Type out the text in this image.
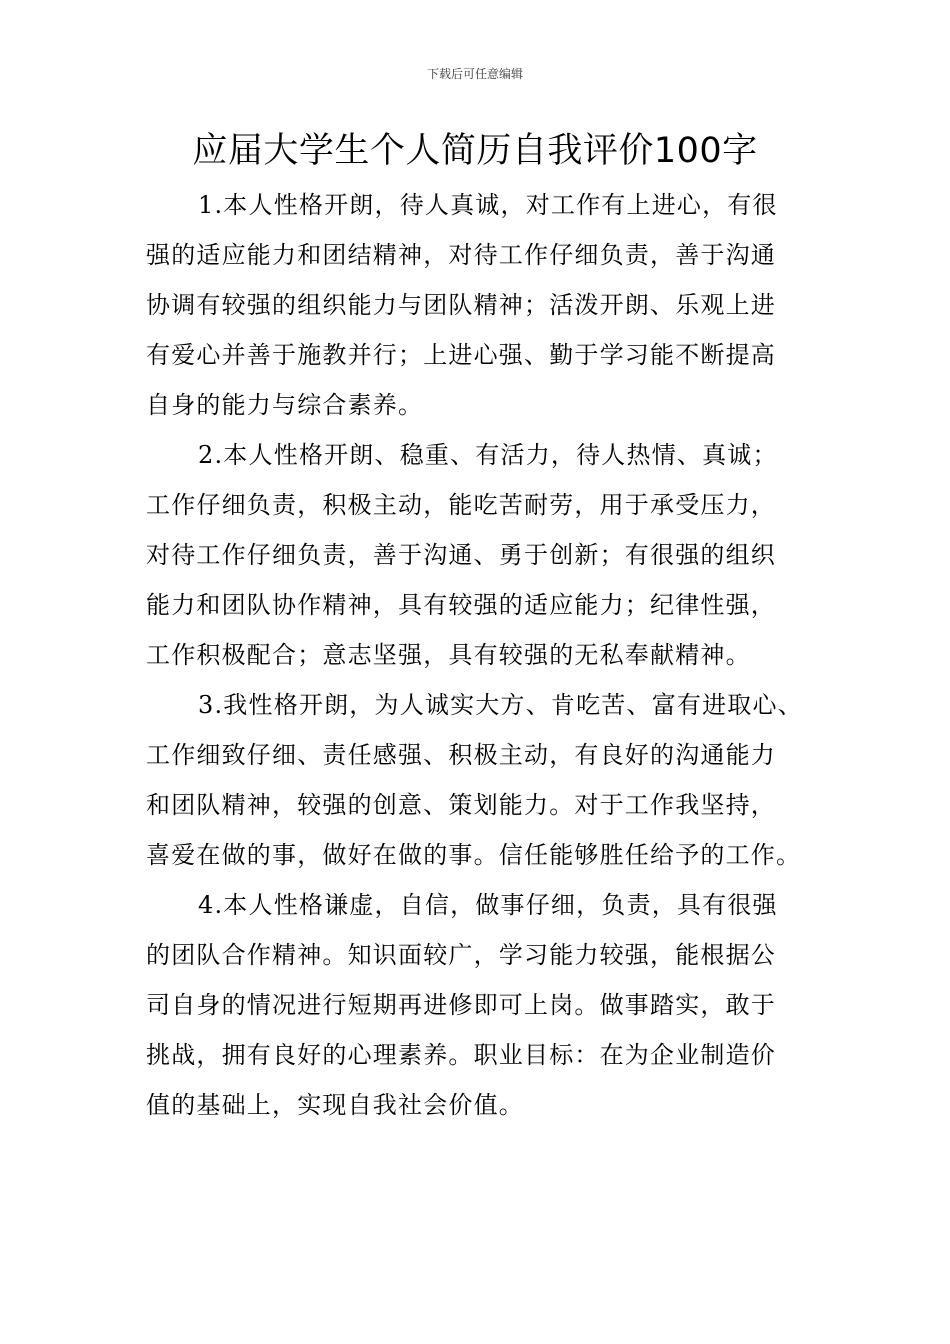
下载后可任意编辑
应届大学生个人简历自我评价100字

1.本人性格开朗，待人真诚，对工作有上进心，有很
强的适应能力和团结精神，对待工作仔细负责，善于沟通
协调有较强的组织能力与团队精神；活泼开朗、乐观上进
有爱心并善于施教并行；上进心强、勤于学习能不断提高
自身的能力与综合素养。

2.本人性格开朗、稳重、有活力，待人热情、真诚；
工作仔细负责，积极主动，能吃苦耐劳，用于承受压力，
对待工作仔细负责，善于沟通、勇于创新；有很强的组织
能力和团队协作精神，具有较强的适应能力；纪律性强，
工作积极配合；意志坚强，具有较强的无私奉献精神。

3.我性格开朗，为人诚实大方、肯吃苦、富有进取心、
工作细致仔细、责任感强、积极主动，有良好的沟通能力
和团队精神，较强的创意、策划能力。对于工作我坚持，
喜爱在做的事，做好在做的事。信任能够胜任给予的工作。

4.本人性格谦虚，自信，做事仔细，负责，具有很强
的团队合作精神。知识面较广，学习能力较强，能根据公
司自身的情况进行短期再进修即可上岗。做事踏实，敢于
挑战，拥有良好的心理素养。职业目标：在为企业制造价
值的基础上，实现自我社会价值。
